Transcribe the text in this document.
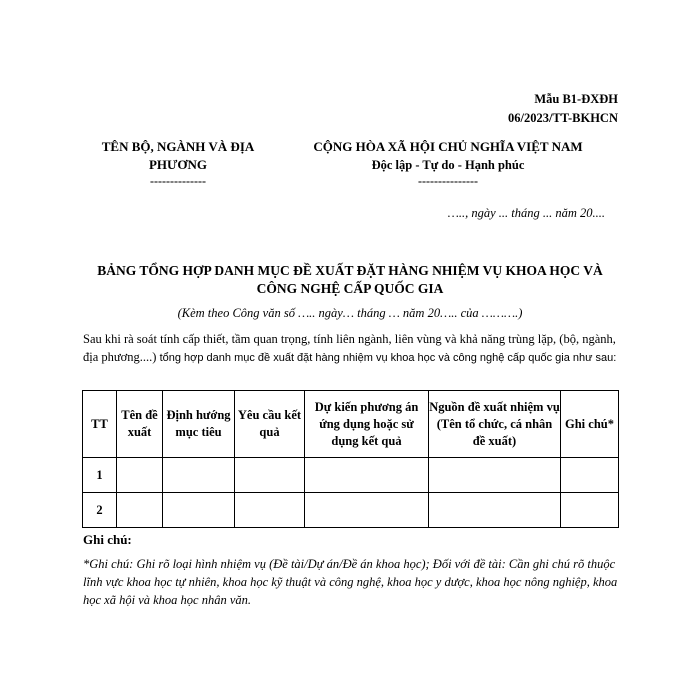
Mẫu B1-ĐXĐH
06/2023/TT-BKHCN
TÊN BỘ, NGÀNH VÀ ĐỊA
PHƯƠNG
--------------
CỘNG HÒA XÃ HỘI CHỦ NGHĨA VIỆT NAM
Độc lập - Tự do - Hạnh phúc
---------------
….., ngày ... tháng ... năm 20....
BẢNG TỔNG HỢP DANH MỤC ĐỀ XUẤT ĐẶT HÀNG NHIỆM VỤ KHOA HỌC VÀ
CÔNG NGHỆ CẤP QUỐC GIA
(Kèm theo Công văn số ….. ngày… tháng … năm 20….. của ……….)
Sau khi rà soát tính cấp thiết, tầm quan trọng, tính liên ngành, liên vùng và khả năng trùng lặp, (bộ, ngành, địa phương....) tổng hợp danh mục đề xuất đặt hàng nhiệm vụ khoa học và công nghệ cấp quốc gia như sau:
TT	Tên đề xuất	Định hướng mục tiêu	Yêu cầu kết quả	Dự kiến phương án ứng dụng hoặc sử dụng kết quả	Nguồn đề xuất nhiệm vụ (Tên tổ chức, cá nhân đề xuất)	Ghi chú*
1						
2						
Ghi chú:
*Ghi chú: Ghi rõ loại hình nhiệm vụ (Đề tài/Dự án/Đề án khoa học); Đối với đề tài: Cần ghi chú rõ thuộc lĩnh vực khoa học tự nhiên, khoa học kỹ thuật và công nghệ, khoa học y dược, khoa học nông nghiệp, khoa học xã hội và khoa học nhân văn.
